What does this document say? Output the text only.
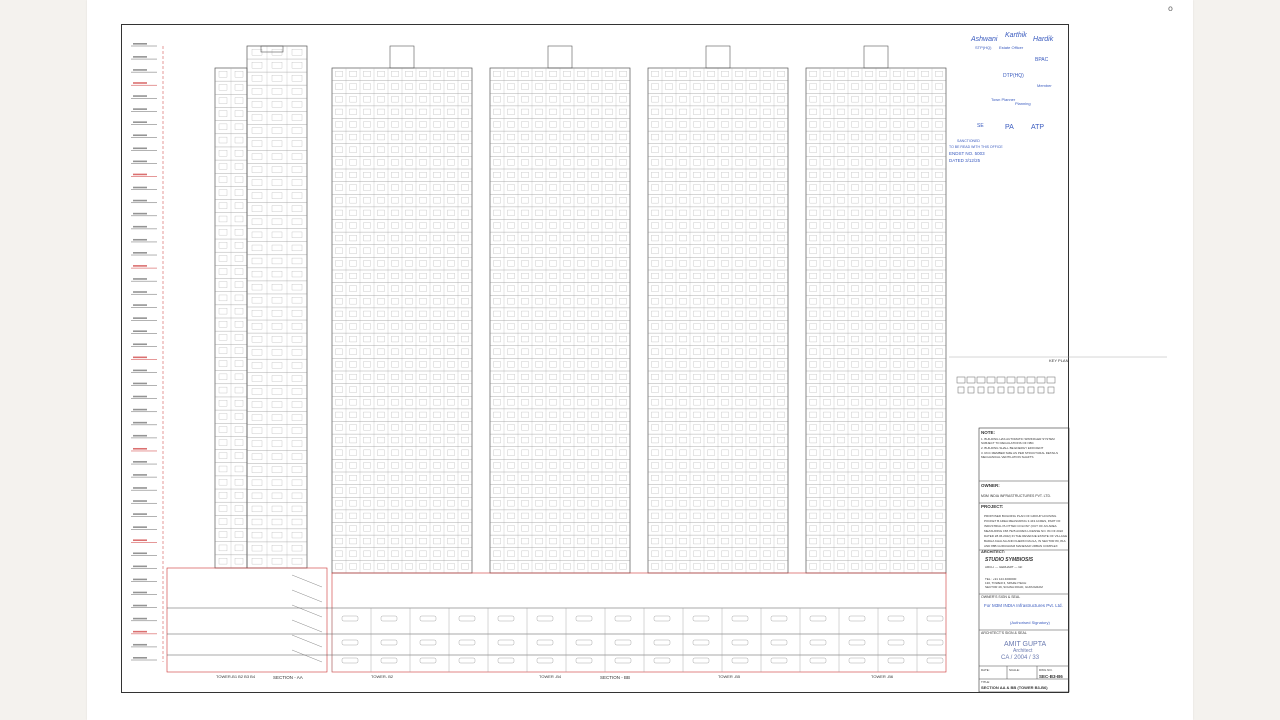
TOWER-B1 B2 B3 B4	SECTION - AA	TOWER- B2	TOWER -B4	SECTION - BB	TOWER -B5	TOWER -B6
KEY PLAN
NOTE:
1. BUILDING HAS AUTOMATIC SPRINKLER SYSTEM
SUBJECT TO REGULATIONS OF NBC
2. BUILDING SHALL BE ENERGY EFFICIENT
3. RCC MEMBER SIZE AS PER STRUCTURAL DETAILS
MECHANICAL VENTILATION SHAFTS
OWNER:
M3M INDIA INFRASTRUCTURES PVT. LTD.
PROJECT:
PROPOSED BUILDING PLAN OF GROUP HOUSING
POCKET B AREA MEASURING 3.443 ACRES, PART OF
INDUSTRIAL PLOTTED COLONY (OUT OF AN AREA
MEASURING 158.7925 ACRES LICENSE NO. 84 OF 2022
DATED 28.06.2022) IN THE REVENUE ESTATE OF VILLAGE
BADHA KHALSA AND KHERKI DAULA, IN SECTOR 80, 81A
AND 88B GURUGRAM MANESAR URBAN COMPLEX
ARCHITECT:
STUDIO SYMBIOSIS
ARCH. — GERHART — GF
TEL : +91 124 4000000
130, TOWER II, SPAZE ITECH
SECTOR 49, SOHNA ROAD, GURUGRAM
OWNER'S SIGN & SEAL
For M3M INDIA Infrastructures Pvt. Ltd.
(Authorised Signatory)
ARCHITECT'S SIGN & SEAL
AMIT GUPTA
Architect
CA / 2004 / 33
DATE:	SCALE:	DWG NO.
SEC-B3-B6
TITLE:
SECTION AA & BB (TOWER B3-B6)
Ashwani
Karthik
Hardik
STP(HQ) Estate Officer
DTP(HQ)
Town Planner
Planning
BPAC
Member
SE	PA ATP
SANCTIONED
TO BE READ WITH THIS OFFICE
ENDST NO. 5003
DATED 3/12/25
o
